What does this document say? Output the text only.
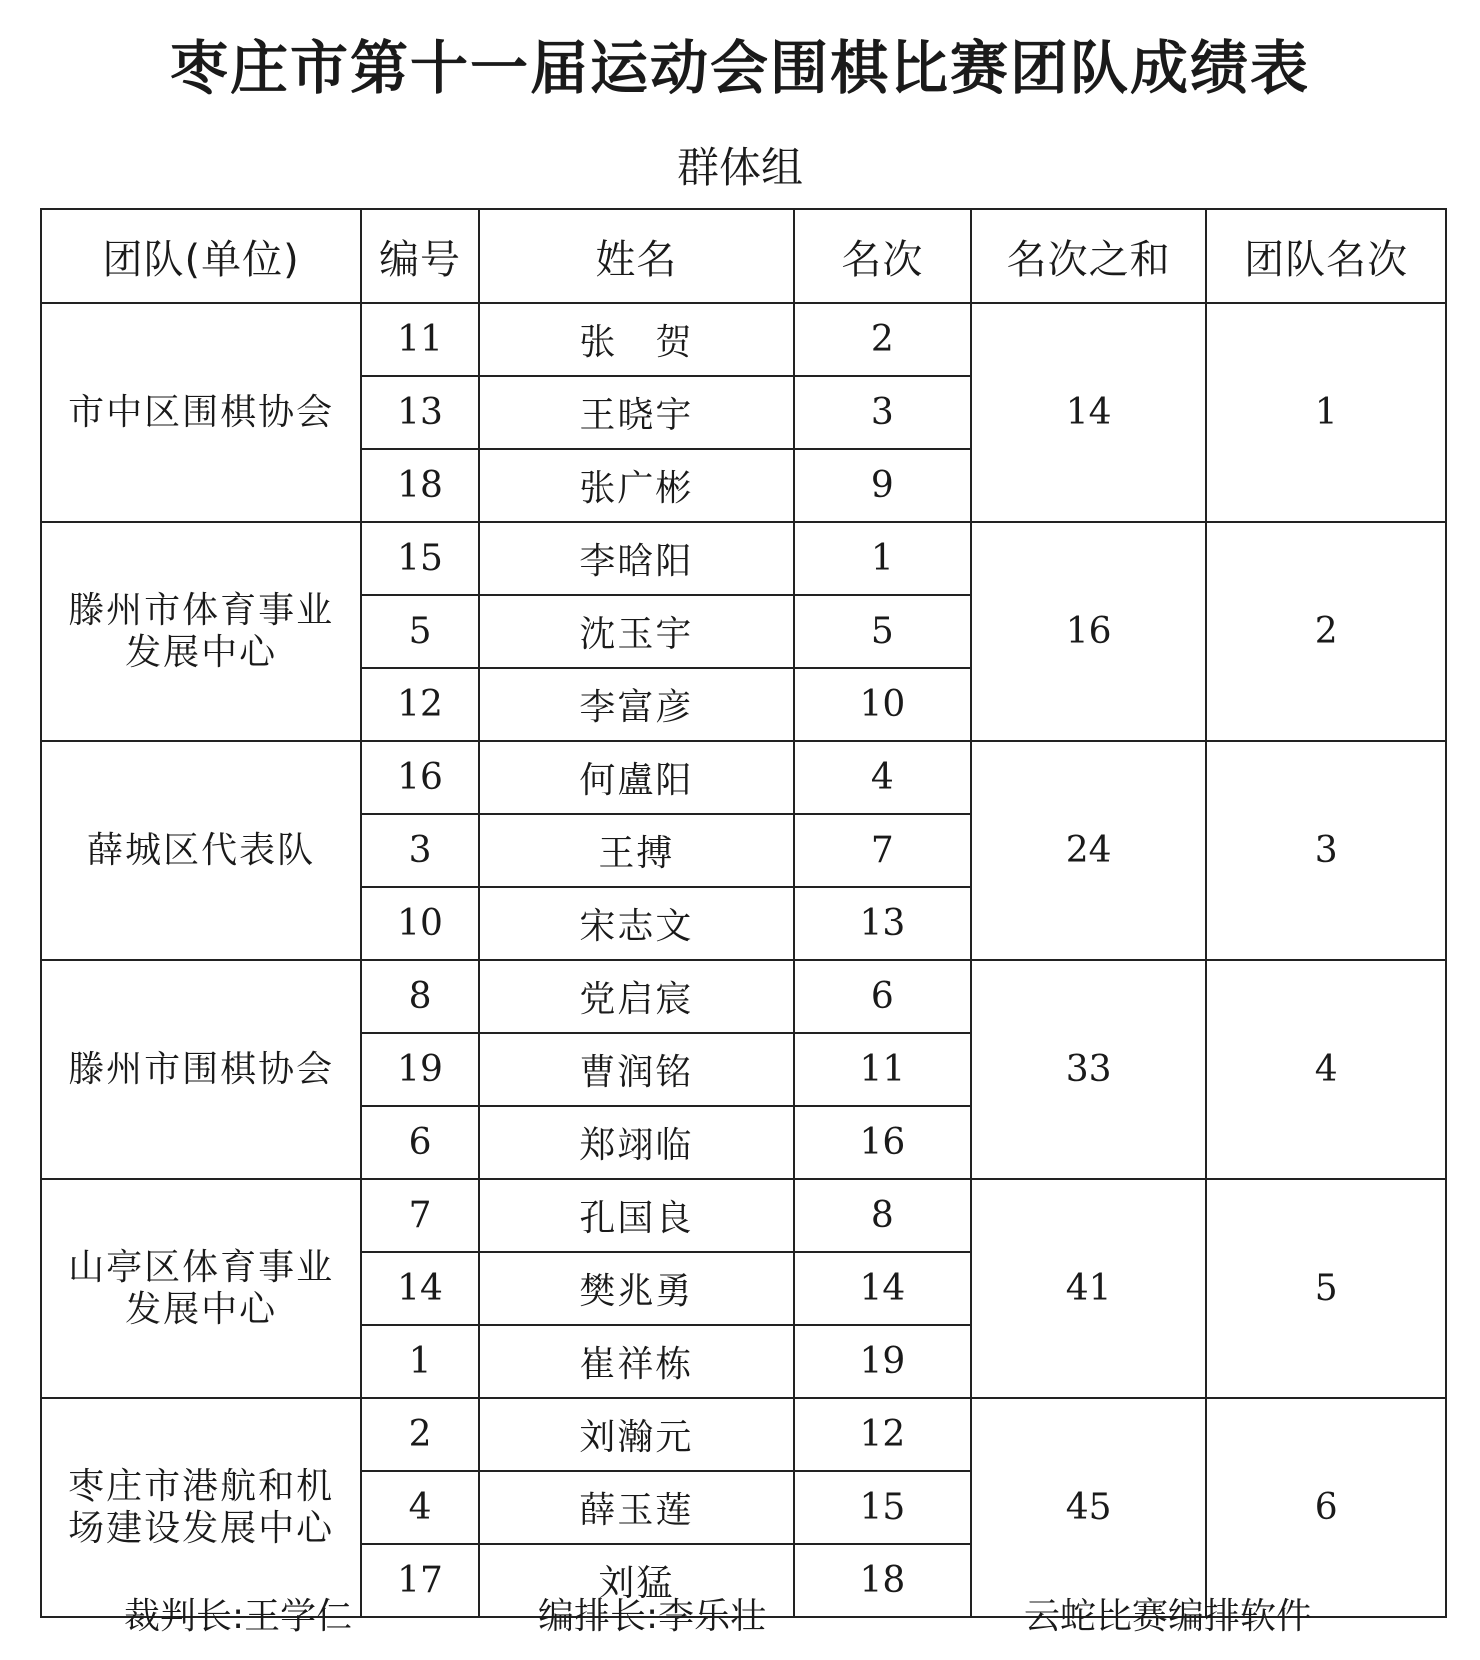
枣庄市第十一届运动会围棋比赛团队成绩表
群体组
团队(单位)	编号	姓名	名次	名次之和	团队名次
市中区围棋协会	11	张　贺	2	14	1
	13	王晓宇	3		
	18	张广彬	9		
滕州市体育事业发展中心	15	李晗阳	1	16	2
	5	沈玉宇	5		
	12	李富彦	10		
薛城区代表队	16	何盧阳	4	24	3
	3	王搏	7		
	10	宋志文	13		
滕州市围棋协会	8	党启宸	6	33	4
	19	曹润铭	11		
	6	郑翊临	16		
山亭区体育事业发展中心	7	孔国良	8	41	5
	14	樊兆勇	14		
	1	崔祥栋	19		
枣庄市港航和机场建设发展中心	2	刘瀚元	12	45	6
	4	薛玉莲	15		
	17	刘猛	18		
裁判长:王学仁	编排长:李乐壮	云蛇比赛编排软件
